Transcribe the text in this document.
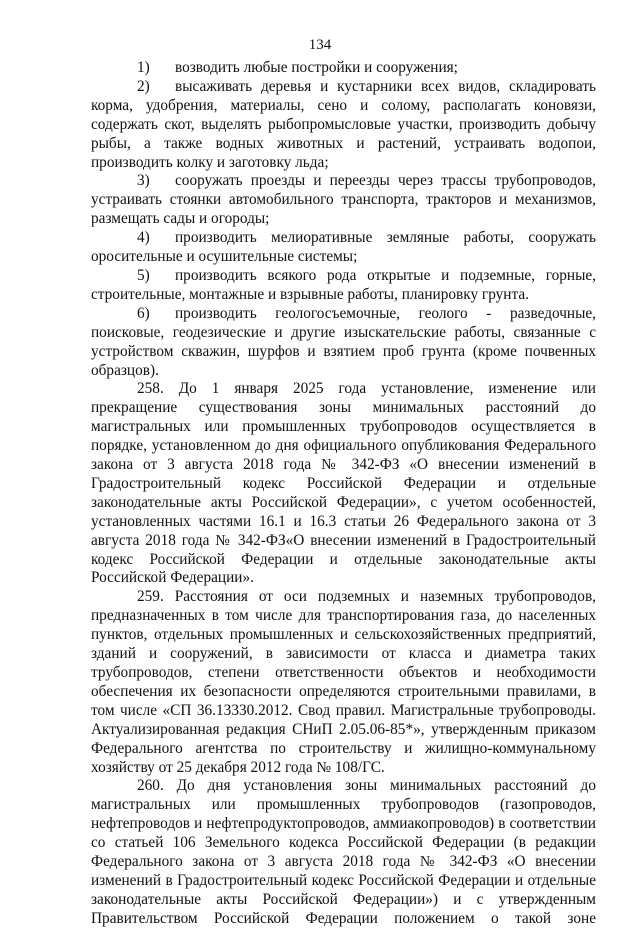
134

1) возводить любые постройки и сооружения;

2) высаживать деревья и кустарники всех видов, складировать корма, удобрения, материалы, сено и солому, располагать коновязи, содержать скот, выделять рыбопромысловые участки, производить добычу рыбы, а также водных животных и растений, устраивать водопои, производить колку и заготовку льда;

3) сооружать проезды и переезды через трассы трубопроводов, устраивать стоянки автомобильного транспорта, тракторов и механизмов, размещать сады и огороды;

4) производить мелиоративные земляные работы, сооружать оросительные и осушительные системы;

5) производить всякого рода открытые и подземные, горные, строительные, монтажные и взрывные работы, планировку грунта.

6) производить геологосъемочные, геолого - разведочные, поисковые, геодезические и другие изыскательские работы, связанные с устройством скважин, шурфов и взятием проб грунта (кроме почвенных образцов).

258. До 1 января 2025 года установление, изменение или прекращение существования зоны минимальных расстояний до магистральных или промышленных трубопроводов осуществляется в порядке, установленном до дня официального опубликования Федерального закона от 3 августа 2018 года № 342-ФЗ «О внесении изменений в Градостроительный кодекс Российской Федерации и отдельные законодательные акты Российской Федерации», с учетом особенностей, установленных частями 16.1 и 16.3 статьи 26 Федерального закона от 3 августа 2018 года № 342-ФЗ«О внесении изменений в Градостроительный кодекс Российской Федерации и отдельные законодательные акты Российской Федерации».

259. Расстояния от оси подземных и наземных трубопроводов, предназначенных в том числе для транспортирования газа, до населенных пунктов, отдельных промышленных и сельскохозяйственных предприятий, зданий и сооружений, в зависимости от класса и диаметра таких трубопроводов, степени ответственности объектов и необходимости обеспечения их безопасности определяются строительными правилами, в том числе «СП 36.13330.2012. Свод правил. Магистральные трубопроводы. Актуализированная редакция СНиП 2.05.06-85*», утвержденным приказом Федерального агентства по строительству и жилищно-коммунальному хозяйству от 25 декабря 2012 года № 108/ГС.

260. До дня установления зоны минимальных расстояний до магистральных или промышленных трубопроводов (газопроводов, нефтепроводов и нефтепродуктопроводов, аммиакопроводов) в соответствии со статьей 106 Земельного кодекса Российской Федерации (в редакции Федерального закона от 3 августа 2018 года № 342-ФЗ «О внесении изменений в Градостроительный кодекс Российской Федерации и отдельные законодательные акты Российской Федерации») и с утвержденным Правительством Российской Федерации положением о такой зоне
